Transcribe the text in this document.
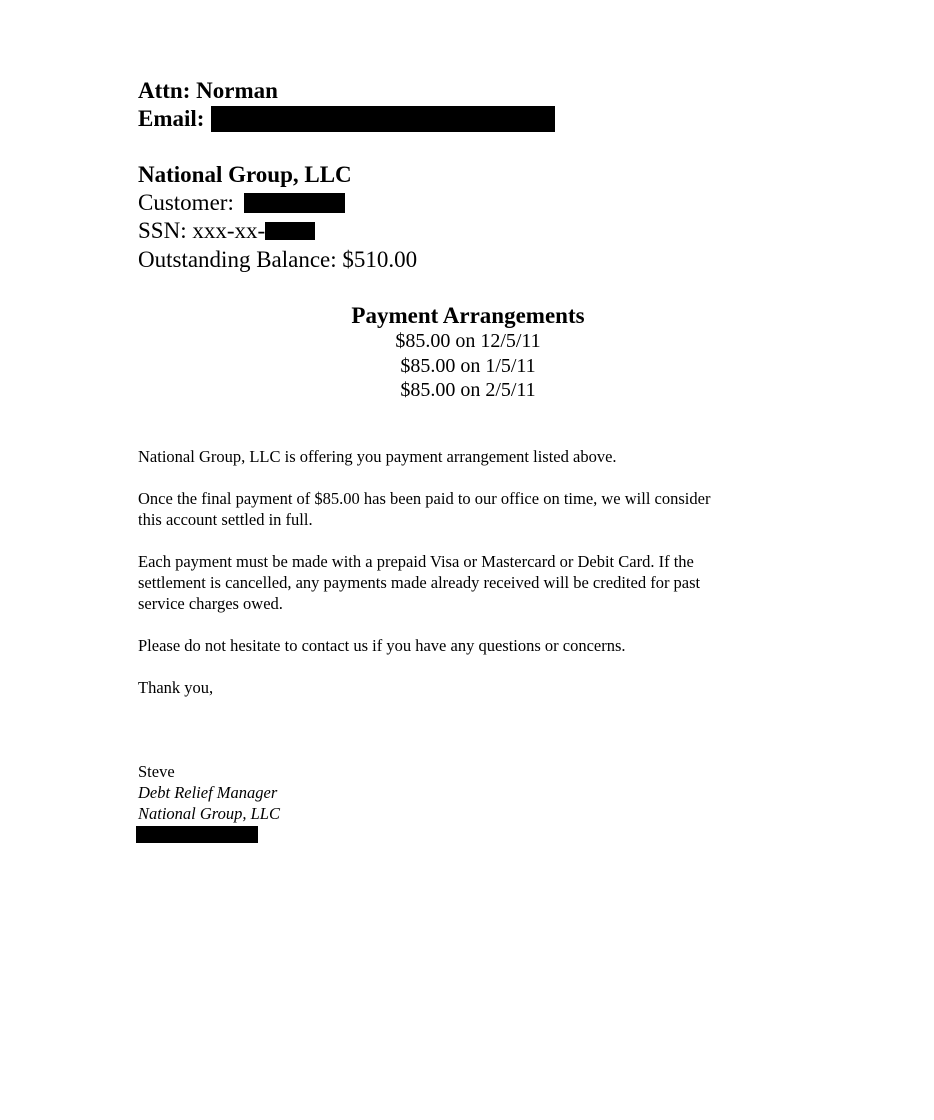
Attn: Norman
Email:
National Group, LLC
Customer:
SSN: xxx-xx-
Outstanding Balance: $510.00
Payment Arrangements
$85.00 on 12/5/11
$85.00 on 1/5/11
$85.00 on 2/5/11

National Group, LLC is offering you payment arrangement listed above.

Once the final payment of $85.00 has been paid to our office on time, we will consider
this account settled in full.

Each payment must be made with a prepaid Visa or Mastercard or Debit Card. If the
settlement is cancelled, any payments made already received will be credited for past
service charges owed.

Please do not hesitate to contact us if you have any questions or concerns.

Thank you,

Steve
Debt Relief Manager
National Group, LLC
